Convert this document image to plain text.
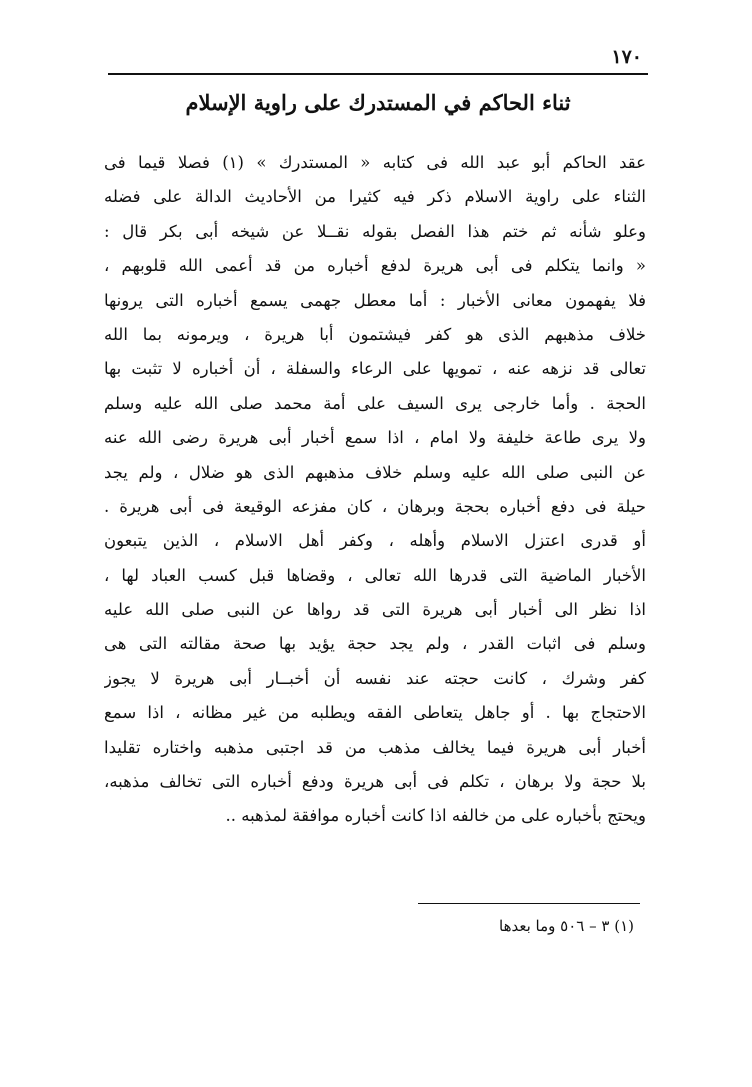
١٧٠
ثناء الحاكم في المستدرك على راوية الإسلام
عقد الحاكم أبو عبد الله فى كتابه « المستدرك » (١) فصلا قيما فى
الثناء على راوية الاسلام ذكر فيه كثيرا من الأحاديث الدالة على فضله
وعلو شأنه ثم ختم هذا الفصل بقوله نقــلا عن شيخه أبى بكر قال :
« وانما يتكلم فى أبى هريرة لدفع أخباره من قد أعمى الله قلوبهم ،
فلا يفهمون معانى الأخبار : أما معطل جهمى يسمع أخباره التى يرونها
خلاف مذهبهم الذى هو كفر فيشتمون أبا هريرة ، ويرمونه بما الله
تعالى قد نزهه عنه ، تمويها على الرعاء والسفلة ، أن أخباره لا تثبت بها
الحجة . وأما خارجى يرى السيف على أمة محمد صلى الله عليه وسلم
ولا يرى طاعة خليفة ولا امام ، اذا سمع أخبار أبى هريرة رضى الله عنه
عن النبى صلى الله عليه وسلم خلاف مذهبهم الذى هو ضلال ، ولم يجد
حيلة فى دفع أخباره بحجة وبرهان ، كان مفزعه الوقيعة فى أبى هريرة .
أو قدرى اعتزل الاسلام وأهله ، وكفر أهل الاسلام ، الذين يتبعون
الأخبار الماضية التى قدرها الله تعالى ، وقضاها قبل كسب العباد لها ،
اذا نظر الى أخبار أبى هريرة التى قد رواها عن النبى صلى الله عليه
وسلم فى اثبات القدر ، ولم يجد حجة يؤيد بها صحة مقالته التى هى
كفر وشرك ، كانت حجته عند نفسه أن أخبــار أبى هريرة لا يجوز
الاحتجاج بها . أو جاهل يتعاطى الفقه ويطلبه من غير مظانه ، اذا سمع
أخبار أبى هريرة فيما يخالف مذهب من قد اجتبى مذهبه واختاره تقليدا
بلا حجة ولا برهان ، تكلم فى أبى هريرة ودفع أخباره التى تخالف مذهبه،
ويحتج بأخباره على من خالفه اذا كانت أخباره موافقة لمذهبه ..
(١) ٣ – ٥٠٦ وما بعدها
